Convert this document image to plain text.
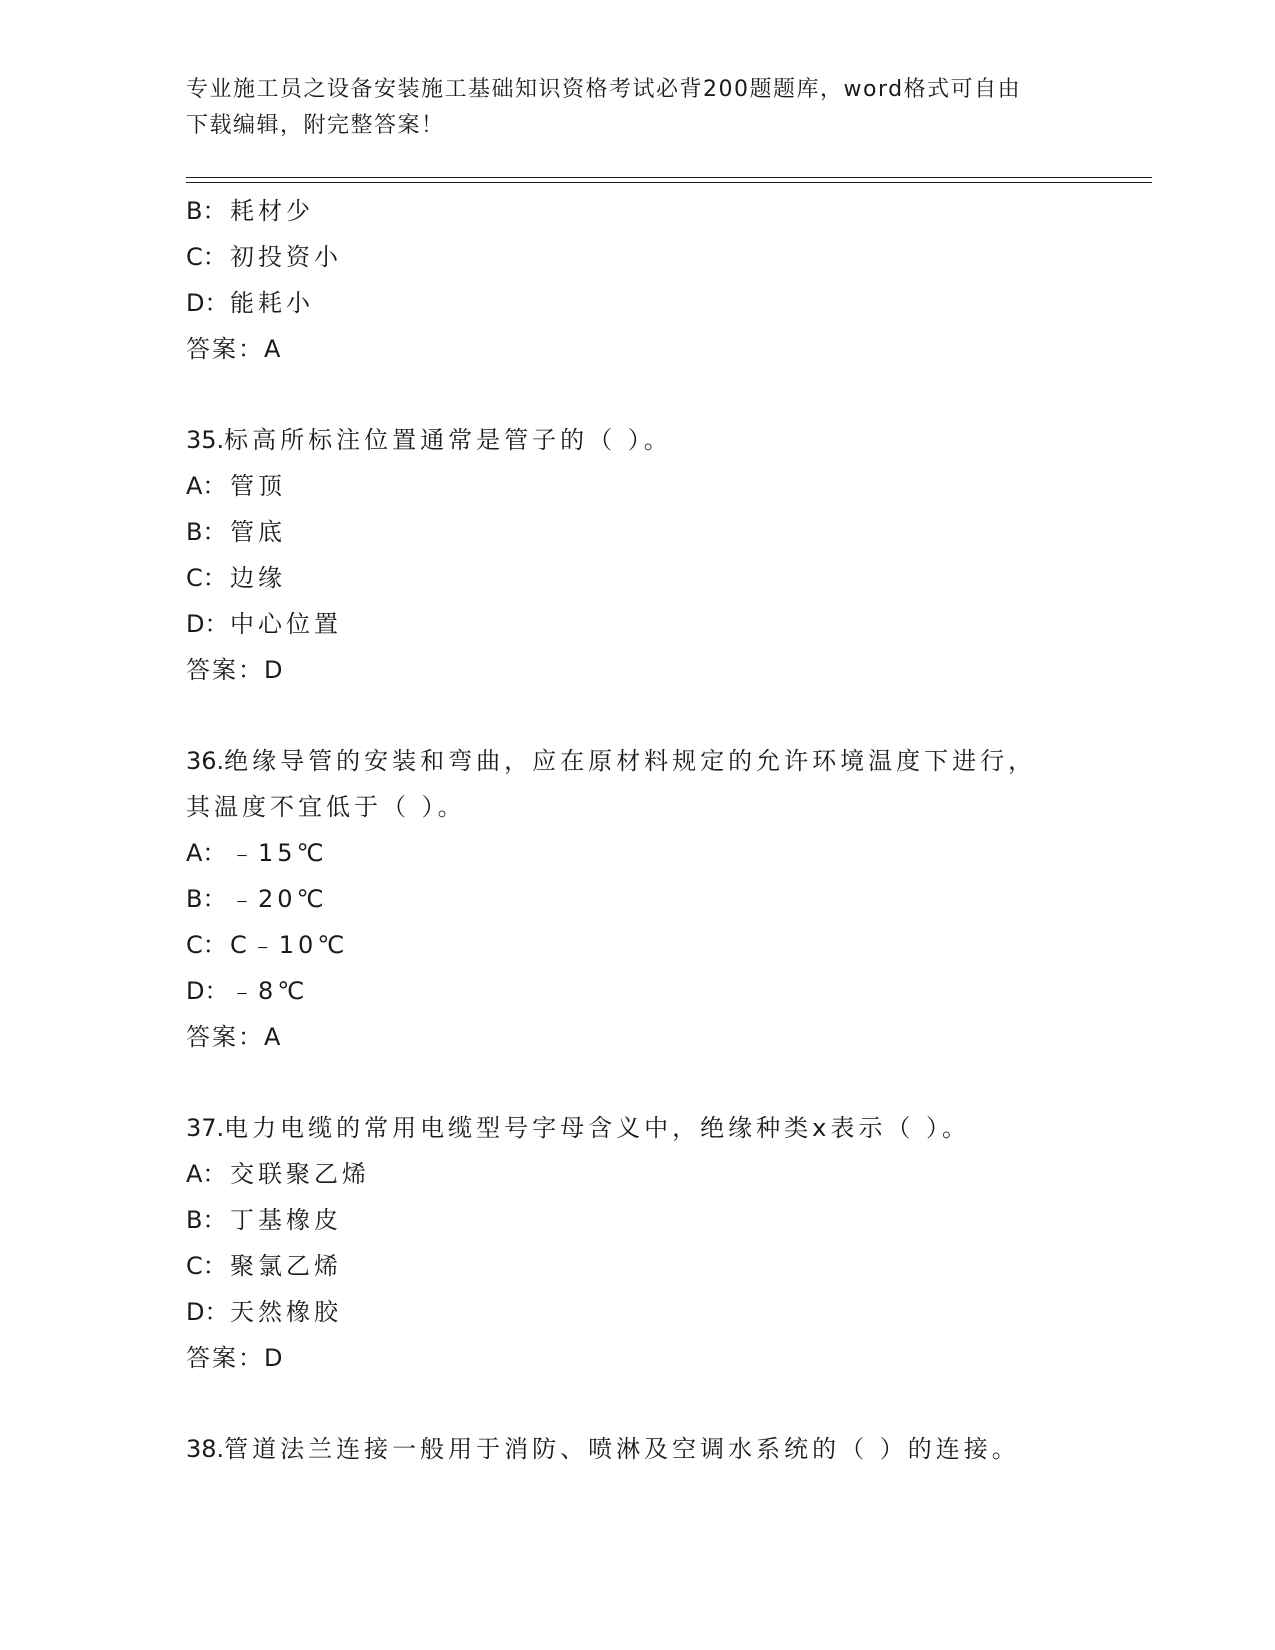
专业施工员之设备安装施工基础知识资格考试必背200题题库，word格式可自由
下载编辑，附完整答案！
B： 耗材少
C： 初投资小
D：能耗小
答案：A
35.标高所标注位置通常是管子的（ ）。
A： 管顶
B： 管底
C： 边缘
D：中心位置
答案：D
36.绝缘导管的安装和弯曲，应在原材料规定的允许环境温度下进行，
其温度不宜低于（ ）。
A： ﹣15℃
B： ﹣20℃
C： C﹣10℃
D：﹣8℃
答案：A
37.电力电缆的常用电缆型号字母含义中，绝缘种类x表示（ ）。
A： 交联聚乙烯
B： 丁基橡皮
C： 聚氯乙烯
D：天然橡胶
答案：D
38.管道法兰连接一般用于消防、喷淋及空调水系统的（ ）的连接。
